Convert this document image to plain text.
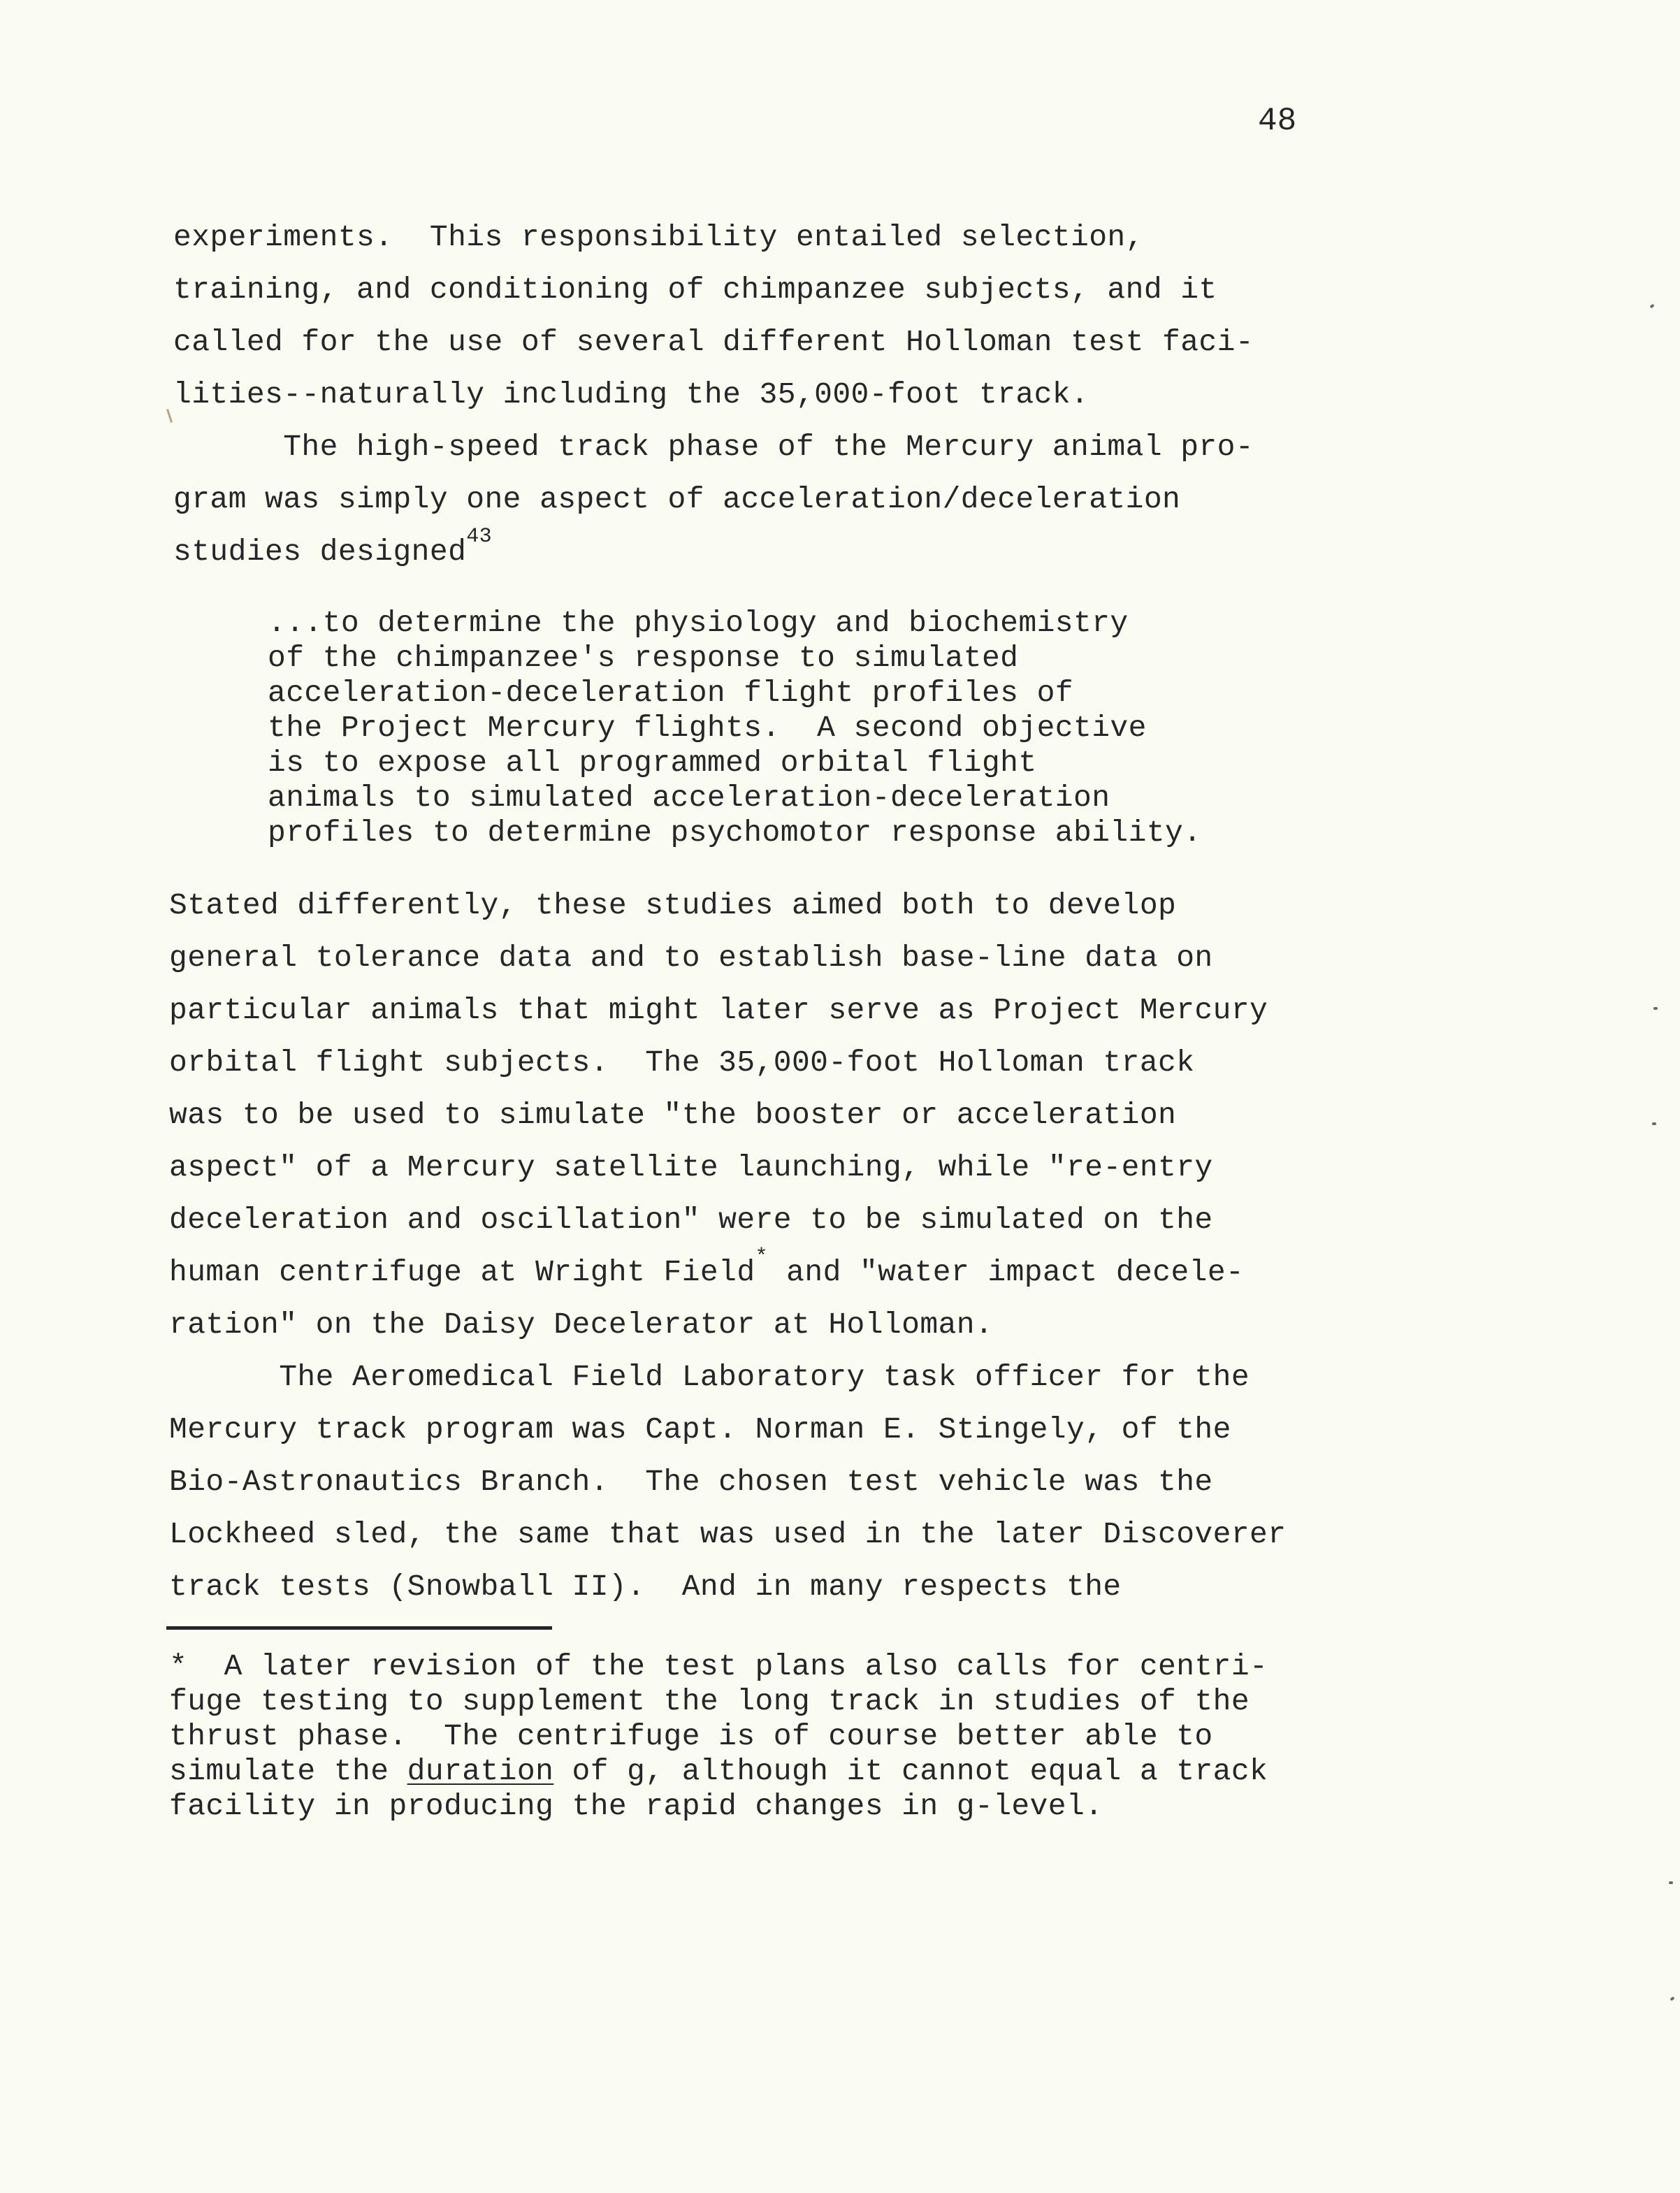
48
experiments.  This responsibility entailed selection,
training, and conditioning of chimpanzee subjects, and it
called for the use of several different Holloman test faci-
lities--naturally including the 35,000-foot track.
The high-speed track phase of the Mercury animal pro-
gram was simply one aspect of acceleration/deceleration
studies designed$^{43}$
...to determine the physiology and biochemistry
of the chimpanzee's response to simulated
acceleration-deceleration flight profiles of
the Project Mercury flights.  A second objective
is to expose all programmed orbital flight
animals to simulated acceleration-deceleration
profiles to determine psychomotor response ability.
Stated differently, these studies aimed both to develop
general tolerance data and to establish base-line data on
particular animals that might later serve as Project Mercury
orbital flight subjects.  The 35,000-foot Holloman track
was to be used to simulate "the booster or acceleration
aspect" of a Mercury satellite launching, while "re-entry
deceleration and oscillation" were to be simulated on the
human centrifuge at Wright Field* and "water impact decele-
ration" on the Daisy Decelerator at Holloman.
The Aeromedical Field Laboratory task officer for the
Mercury track program was Capt. Norman E. Stingely, of the
Bio-Astronautics Branch.  The chosen test vehicle was the
Lockheed sled, the same that was used in the later Discoverer
track tests (Snowball II).  And in many respects the
*  A later revision of the test plans also calls for centri-
fuge testing to supplement the long track in studies of the
thrust phase.  The centrifuge is of course better able to
simulate the duration of g, although it cannot equal a track
facility in producing the rapid changes in g-level.
